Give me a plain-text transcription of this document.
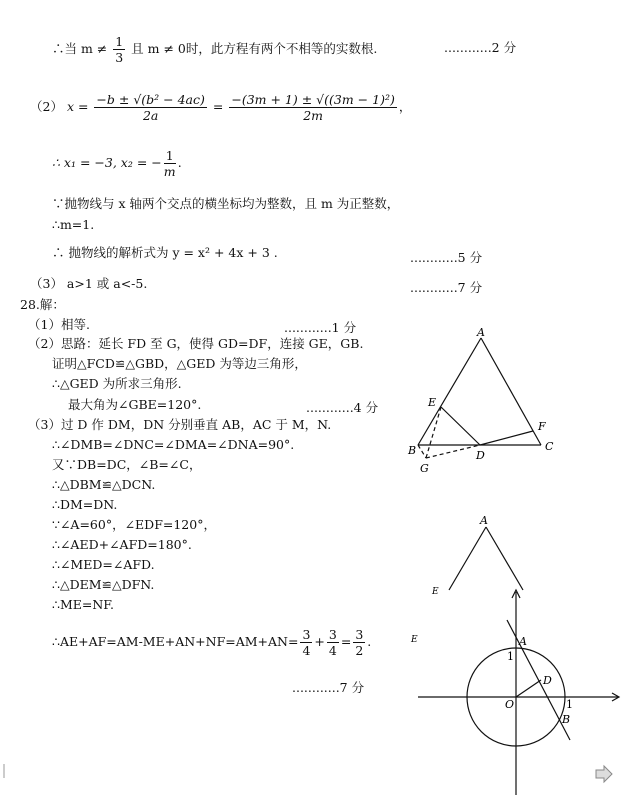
∴当 $m \ne \frac{1}{3}$ 且 m ≠ 0时，此方程有两个不相等的实数根.	............2 分
（2） $x = \frac{\text{−b ± √(b² − 4ac)}}{2a} = \frac{\text{−(3m + 1) ± √((3m − 1)²)}}{2m}$ ，
∴ x₁ = −3, x₂ = − $\frac{1}{m}$ .
∵抛物线与 x 轴两个交点的横坐标均为整数，且 m 为正整数，
∴m=1.
∴ 抛物线的解析式为 y = x² + 4x + 3 .	............5 分
（3） a>1 或 a<-5.	............7 分
28.解：
（1）相等.	............1 分
（2）思路：延长 FD 至 G，使得 GD=DF，连接 GE，GB.
证明△FCD≌△GBD，△GED 为等边三角形，
∴△GED 为所求三角形.
最大角为∠GBE=120°.	............4 分
（3）过 D 作 DM，DN 分别垂直 AB，AC 于 M，N.
∴∠DMB=∠DNC=∠DMA=∠DNA=90°.
又∵DB=DC，∠B=∠C，
∴△DBM≌△DCN.
∴DM=DN.
∵∠A=60°，∠EDF=120°，
∴∠AED+∠AFD=180°.
∴∠MED=∠AFD.
∴△DEM≌△DFN.
∴ME=NF.
∴AE+AF=AM-ME+AN+NF=AM+AN= $\frac{3}{4} + \frac{3}{4} = \frac{3}{2}$ .
............7 分
A
B	C
D
E
F
G
A
E
A
B
D
O
1
1
E
